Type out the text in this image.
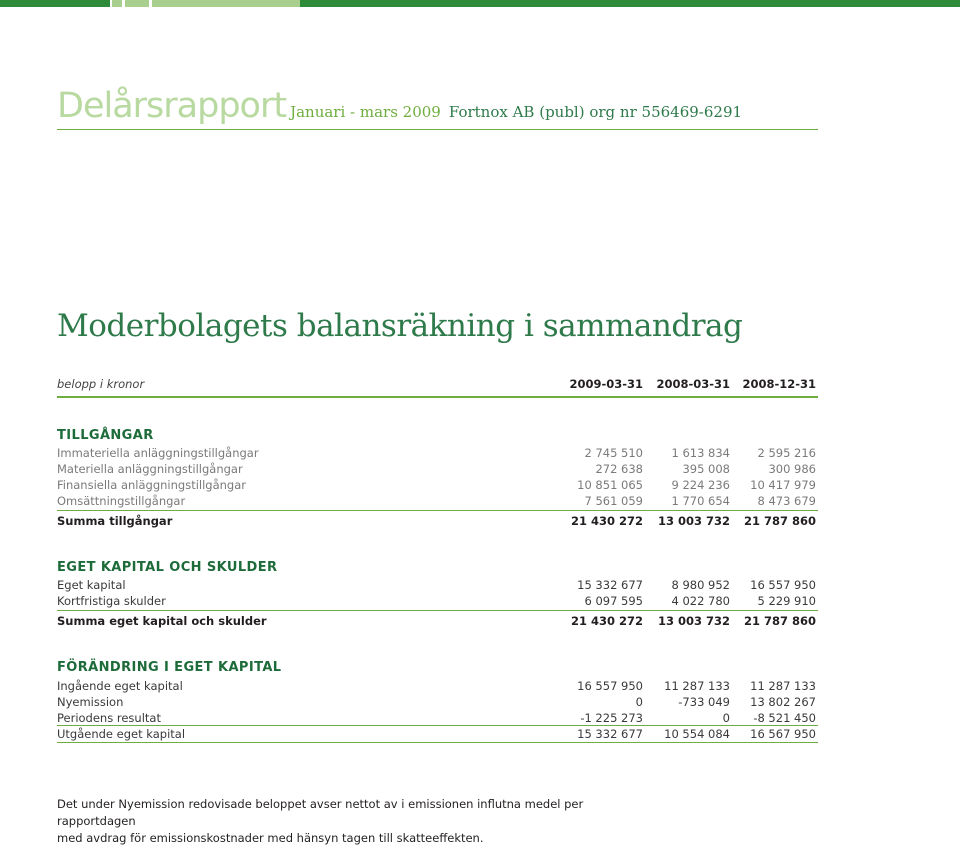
Delårsrapport Januari - mars 2009 Fortnox AB (publ) org nr 556469-6291
Moderbolagets balansräkning i sammandrag
belopp i kronor	2009-03-31	2008-03-31	2008-12-31
TILLGÅNGAR
Immateriella anläggningstillgångar	2 745 510	1 613 834	2 595 216
Materiella anläggningstillgångar	272 638	395 008	300 986
Finansiella anläggningstillgångar	10 851 065	9 224 236	10 417 979
Omsättningstillgångar	7 561 059	1 770 654	8 473 679
Summa tillgångar	21 430 272	13 003 732	21 787 860
EGET KAPITAL OCH SKULDER
Eget kapital	15 332 677	8 980 952	16 557 950
Kortfristiga skulder	6 097 595	4 022 780	5 229 910
Summa eget kapital och skulder	21 430 272	13 003 732	21 787 860
FÖRÄNDRING I EGET KAPITAL
Ingående eget kapital	16 557 950	11 287 133	11 287 133
Nyemission	0	-733 049	13 802 267
Periodens resultat	-1 225 273	0	-8 521 450
Utgående eget kapital	15 332 677	10 554 084	16 567 950
Det under Nyemission redovisade beloppet avser nettot av i emissionen influtna medel per rapportdagen
med avdrag för emissionskostnader med hänsyn tagen till skatteeffekten.
